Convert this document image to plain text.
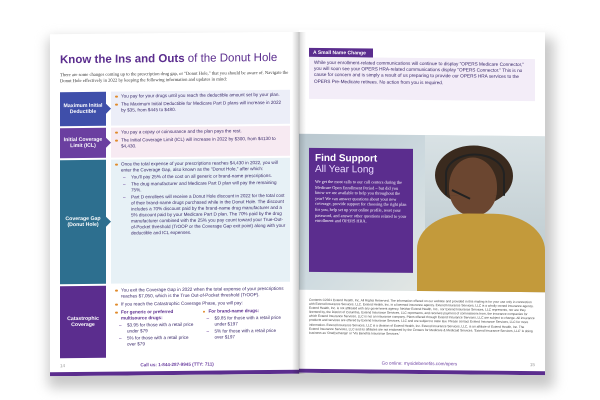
Know the Ins and Outs of the Donut Hole
There are some changes coming up to the prescription drug gap, or "Donut Hole," that you should be aware of. Navigate the Donut Hole effectively in 2022 by keeping the following information and updates in mind:
Maximum Initial Deductible
You pay for your drugs until you reach the deductible amount set by your plan.
The Maximum Initial Deductible for Medicare Part D plans will increase in 2022 by $35, from $445 to $480.
Initial Coverage Limit (ICL)
You pay a copay or coinsurance and the plan pays the rest.
The Initial Coverage Limit (ICL) will increase in 2022 by $300, from $4130 to $4,430.
Coverage Gap (Donut Hole)
Once the total expense of your prescriptions reaches $4,430 in 2022, you will enter the Coverage Gap, also known as the "Donut Hole," after which:
– You'll pay 25% of the cost on all generic or brand-name prescriptions.
– The drug manufacturer and Medicare Part D plan will pay the remaining 75%.
– Part D enrollees will receive a Donut Hole discount in 2022 for the total cost of their brand-name drugs purchased while in the Donut Hole. The discount includes a 70% discount paid by the brand-name drug manufacturer and a 5% discount paid by your Medicare Part D plan. The 70% paid by the drug manufacturer combined with the 25% you pay count toward your True-Out-of-Pocket threshold (TrOOP or the Coverage Gap exit point) along with your deductible and ICL expenses.
Catastrophic Coverage
You exit the Coverage Gap in 2022 when the total expense of your prescriptions reaches $7,050, which is the True Out-of-Pocket threshold (TrOOP).
If you reach the Catastrophic Coverage Phase, you will pay:
For generic or preferred multisource drugs:
– $3.95 for those with a retail price under $79
– 5% for those with a retail price over $79
For brand-name drugs:
– $9.85 for those with a retail price under $197
– 5% for those with a retail price over $197
14	Call us: 1-844-287-9945 (TTY: 711)
A Small Name Change
While your enrollment-related communications will continue to display "OPERS Medicare Connector," you will soon see your OPERS HRA-related communications display "OPERS Connector." This is no cause for concern and is simply a result of us preparing to provide our OPERS HRA services to the OPERS Pre-Medicare retirees. No action from you is required.
Find Support
All Year Long
We get the most calls to our call centers during the Medicare Open Enrollment Period – but did you know we are available to help you throughout the year? We can answer questions about your new coverage, provide support for choosing the right plan for you, help set up your online profile, reset your password, and answer other questions related to your enrollment and OPERS HRA.
Contents ©2021 Extend Health, Inc. All Rights Reserved. The information offered on our website and provided in this mailing is for your use only in connection with Extend Insurance Services, LLC. Extend Health, Inc. is a licensed insurance agency. Extend Insurance Services, LLC is a wholly owned insurance agency. Extend Health, Inc. is not affiliated with any government agency. Neither Extend Health, Inc., nor Extend Insurance Services, LLC represents, nor are they licensed by, the District of Columbia. Extend Insurance Services, LLC represents, and receives payment of commissions from, the insurance companies for which Extend Insurance Services, LLC is not an insurance company. Plans offered through Extend Insurance Services, LLC are subject to change. All insurance products and services are offered by Extend Insurance Services, LLC and are subject to state law. Please contact Extend Insurance Services, LLC for more information. Extend Insurance Services, LLC is a division of Extend Health, Inc. Extend Insurance Services, LLC, is an affiliate of Extend Health, Inc. The Extend Insurance Services, LLC and its affiliates are not endorsed by the Centers for Medicare & Medicaid Services. 'Extend Insurance Services, LLC' is doing business as 'OneExchange' or 'Via Benefits Insurance Services.'
Go online: mysidebenefits.com/opers	15
